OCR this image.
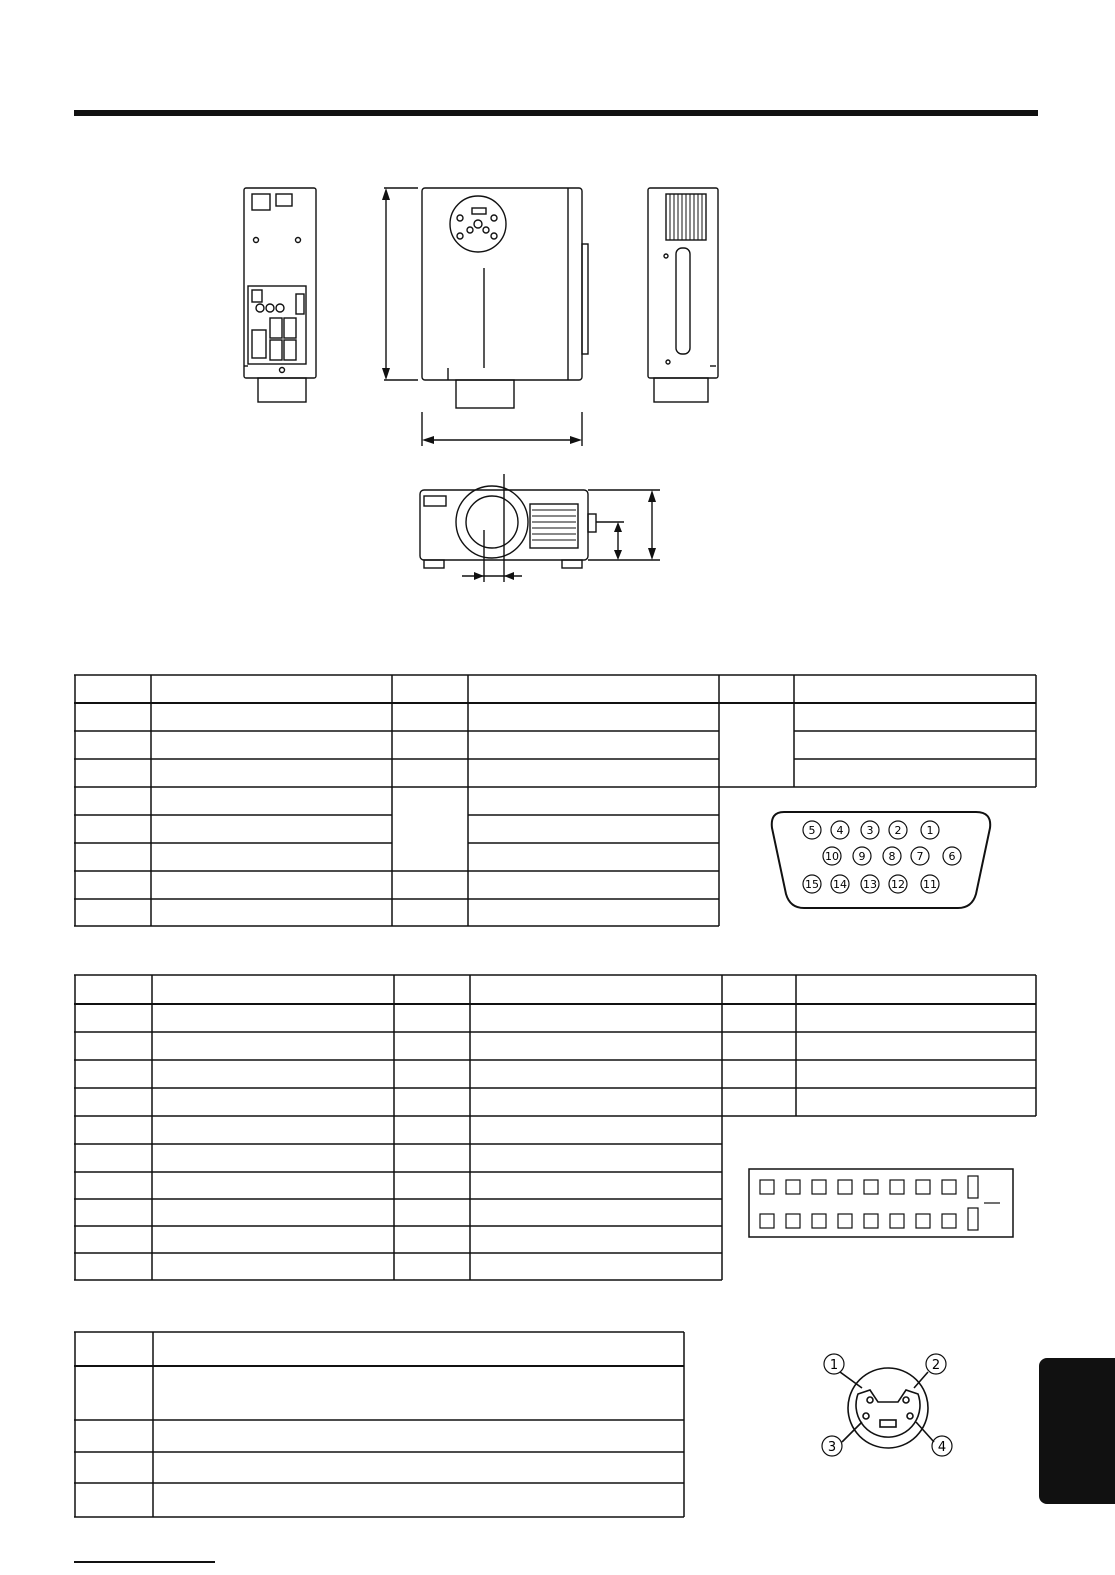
5 4 3 2 1
10 9 8 7 6
15 14 13 12 11
1	2
3	4
